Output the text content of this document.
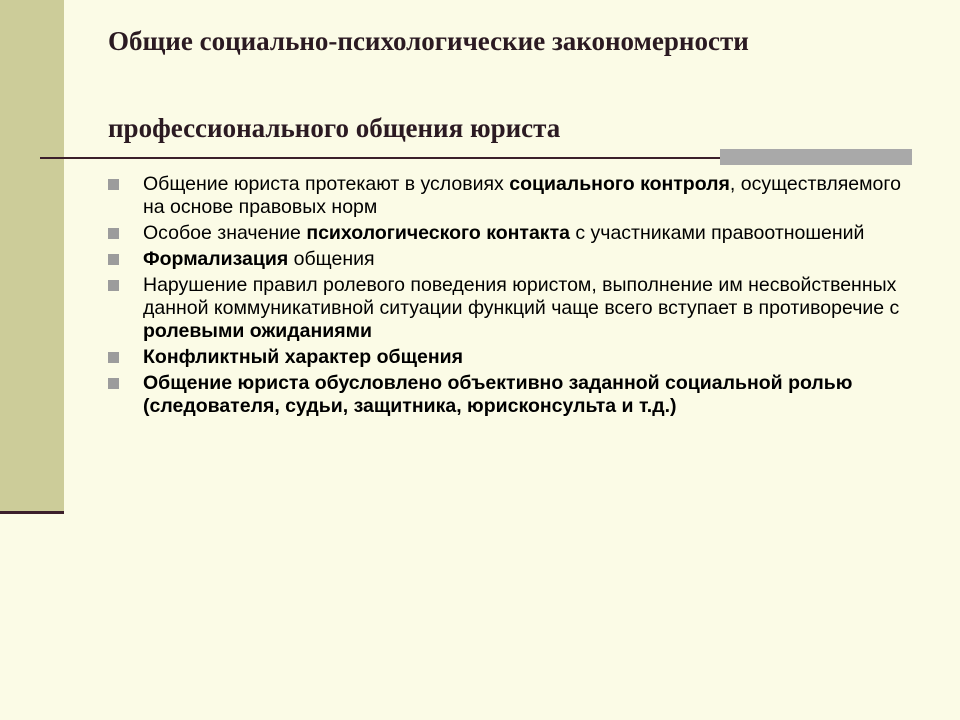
Общие социально-психологические закономерности
профессионального общения юриста
Общение юриста протекают в условиях социального контроля, осуществляемого на основе правовых норм
Особое значение психологического контакта с участниками правоотношений
Формализация общения
Нарушение правил ролевого поведения юристом, выполнение им несвойственных данной коммуникативной ситуации функций чаще всего вступает в противоречие с ролевыми ожиданиями
Конфликтный характер общения
Общение юриста обусловлено объективно заданной социальной ролью (следователя, судьи, защитника, юрисконсульта и т.д.)
